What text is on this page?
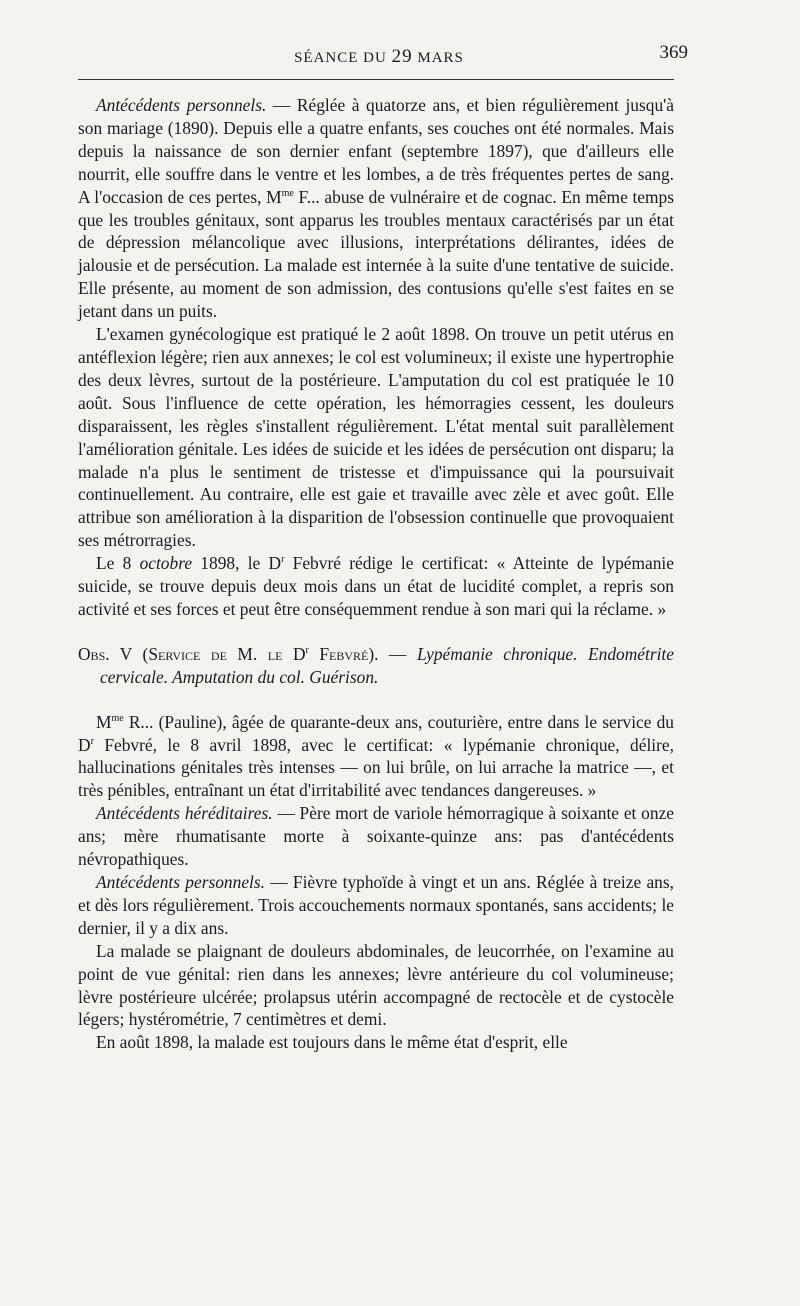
SÉANCE DU 29 MARS	369

Antécédents personnels. — Réglée à quatorze ans, et bien régulièrement jusqu'à son mariage (1890). Depuis elle a quatre enfants, ses couches ont été normales. Mais depuis la naissance de son dernier enfant (septembre 1897), que d'ailleurs elle nourrit, elle souffre dans le ventre et les lombes, a de très fréquentes pertes de sang. A l'occasion de ces pertes, $M^{me}$ F... abuse de vulnéraire et de cognac. En même temps que les troubles génitaux, sont apparus les troubles mentaux caractérisés par un état de dépression mélancolique avec illusions, interprétations délirantes, idées de jalousie et de persécution. La malade est internée à la suite d'une tentative de suicide. Elle présente, au moment de son admission, des contusions qu'elle s'est faites en se jetant dans un puits.

L'examen gynécologique est pratiqué le 2 août 1898. On trouve un petit utérus en antéflexion légère; rien aux annexes; le col est volumineux; il existe une hypertrophie des deux lèvres, surtout de la postérieure. L'amputation du col est pratiquée le 10 août. Sous l'influence de cette opération, les hémorragies cessent, les douleurs disparaissent, les règles s'installent régulièrement. L'état mental suit parallèlement l'amélioration génitale. Les idées de suicide et les idées de persécution ont disparu; la malade n'a plus le sentiment de tristesse et d'impuissance qui la poursuivait continuellement. Au contraire, elle est gaie et travaille avec zèle et avec goût. Elle attribue son amélioration à la disparition de l'obsession continuelle que provoquaient ses métrorragies.

Le 8 octobre 1898, le $D^r$ Febvré rédige le certificat: « Atteinte de lypémanie suicide, se trouve depuis deux mois dans un état de lucidité complet, a repris son activité et ses forces et peut être conséquemment rendue à son mari qui la réclame. »

Obs. V (Service de M. le $D^r$ Febvré). — Lypémanie chronique. Endométrite cervicale. Amputation du col. Guérison.

$M^{me}$ R... (Pauline), âgée de quarante-deux ans, couturière, entre dans le service du $D^r$ Febvré, le 8 avril 1898, avec le certificat: « lypémanie chronique, délire, hallucinations génitales très intenses — on lui brûle, on lui arrache la matrice —, et très pénibles, entraînant un état d'irritabilité avec tendances dangereuses. »

Antécédents héréditaires. — Père mort de variole hémorragique à soixante et onze ans; mère rhumatisante morte à soixante-quinze ans: pas d'antécédents névropathiques.

Antécédents personnels. — Fièvre typhoïde à vingt et un ans. Réglée à treize ans, et dès lors régulièrement. Trois accouchements normaux spontanés, sans accidents; le dernier, il y a dix ans.

La malade se plaignant de douleurs abdominales, de leucorrhée, on l'examine au point de vue génital: rien dans les annexes; lèvre antérieure du col volumineuse; lèvre postérieure ulcérée; prolapsus utérin accompagné de rectocèle et de cystocèle légers; hystérométrie, 7 centimètres et demi.

En août 1898, la malade est toujours dans le même état d'esprit, elle
